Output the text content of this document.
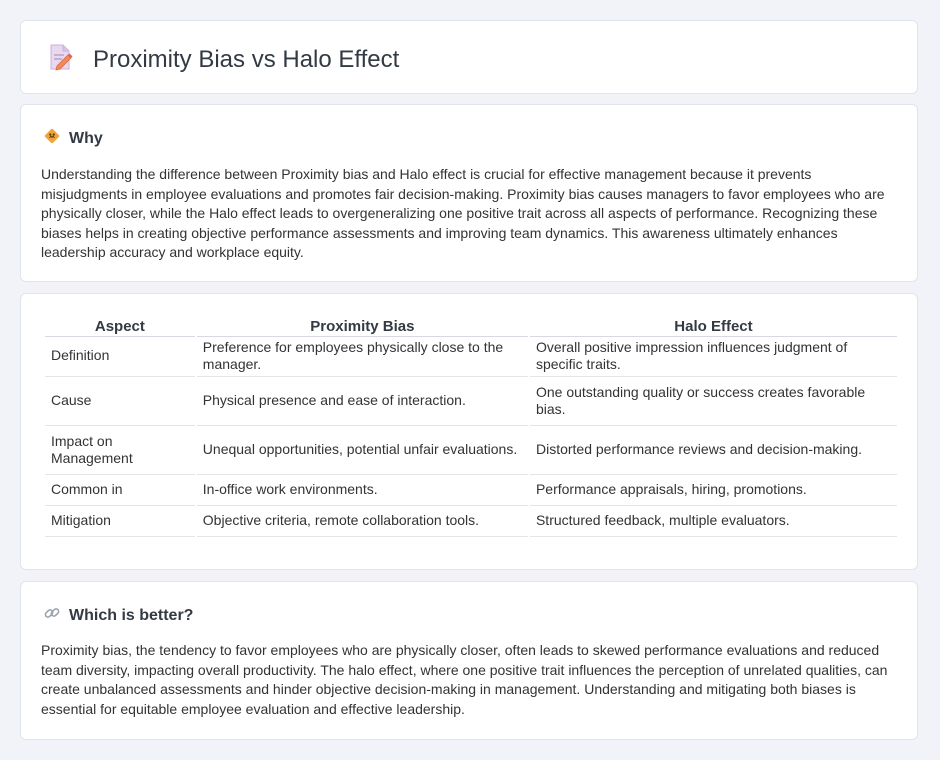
Proximity Bias vs Halo Effect
Why

Understanding the difference between Proximity bias and Halo effect is crucial for effective management because it prevents misjudgments in employee evaluations and promotes fair decision-making. Proximity bias causes managers to favor employees who are physically closer, while the Halo effect leads to overgeneralizing one positive trait across all aspects of performance. Recognizing these biases helps in creating objective performance assessments and improving team dynamics. This awareness ultimately enhances leadership accuracy and workplace equity.

Aspect	Proximity Bias	Halo Effect
Definition	Preference for employees physically close to the manager.	Overall positive impression influences judgment of specific traits.
Cause	Physical presence and ease of interaction.	One outstanding quality or success creates favorable bias.
Impact on Management	Unequal opportunities, potential unfair evaluations.	Distorted performance reviews and decision-making.
Common in	In-office work environments.	Performance appraisals, hiring, promotions.
Mitigation	Objective criteria, remote collaboration tools.	Structured feedback, multiple evaluators.
Which is better?

Proximity bias, the tendency to favor employees who are physically closer, often leads to skewed performance evaluations and reduced team diversity, impacting overall productivity. The halo effect, where one positive trait influences the perception of unrelated qualities, can create unbalanced assessments and hinder objective decision-making in management. Understanding and mitigating both biases is essential for equitable employee evaluation and effective leadership.
